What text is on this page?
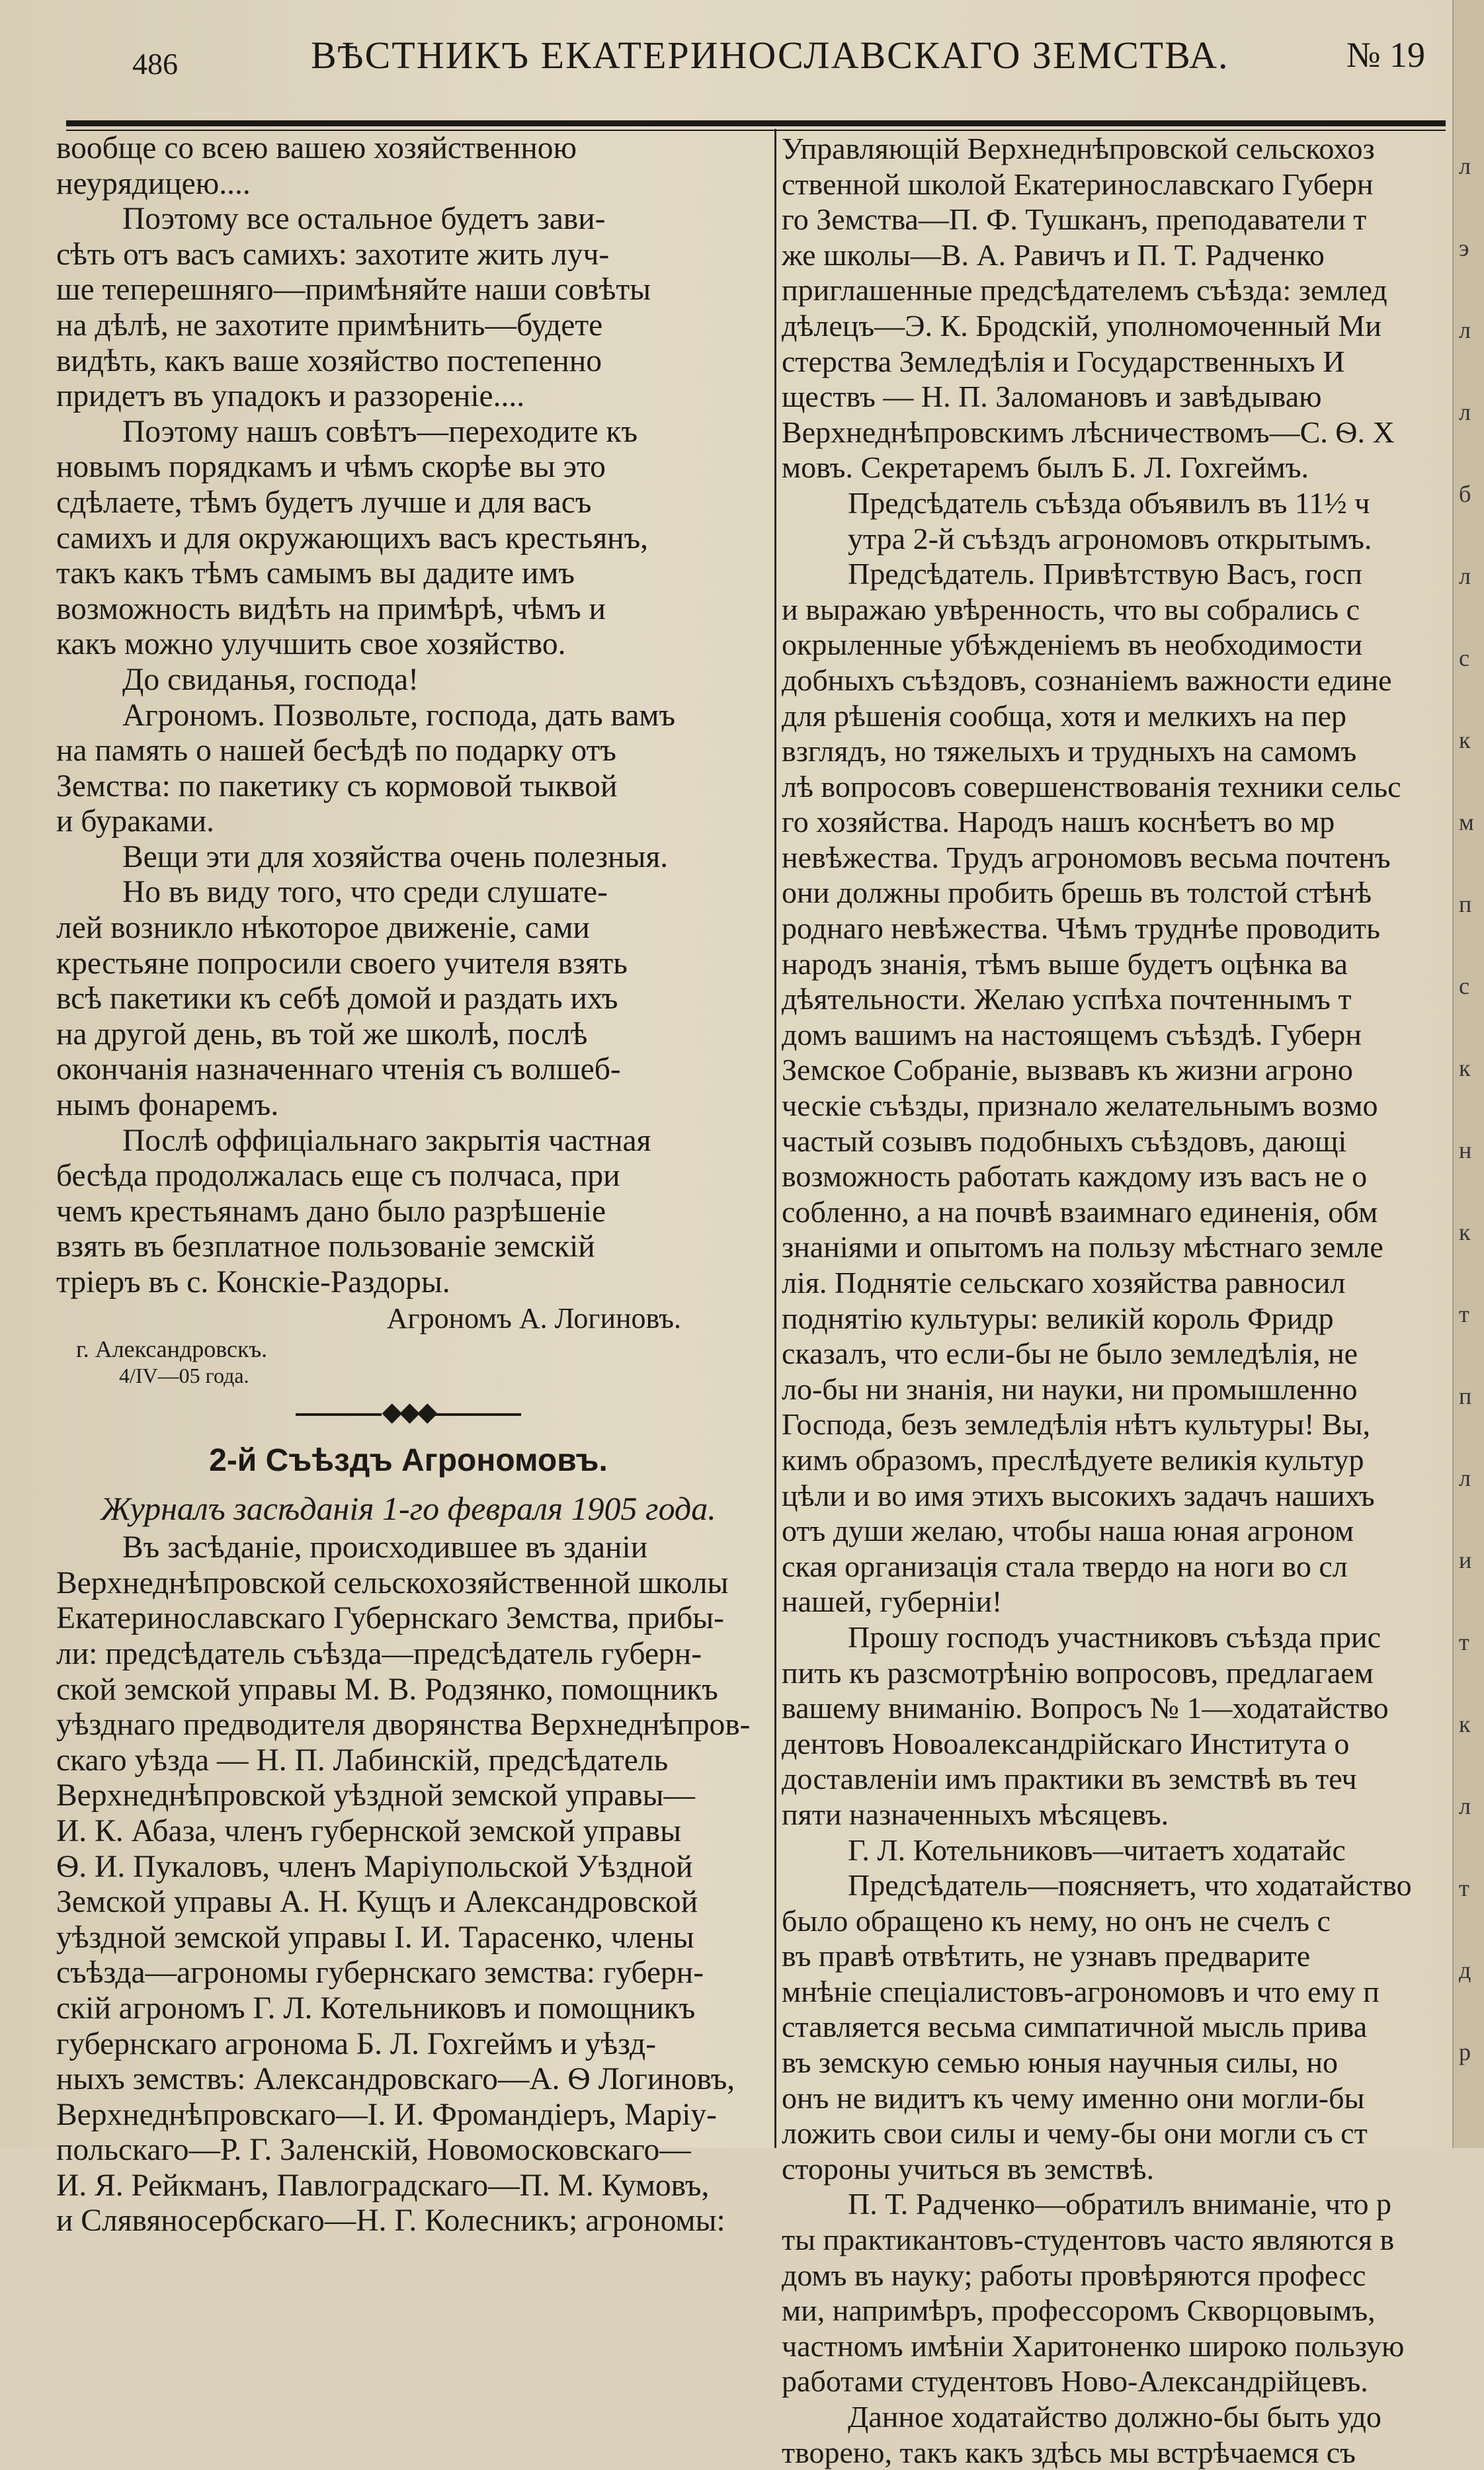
486	ВѢСТНИКЪ ЕКАТЕРИНОСЛАВСКАГО ЗЕМСТВА.	№ 19

вообще со всею вашею хозяйственною

неурядицею....

Поэтому все остальное будетъ зави-

сѣть отъ васъ самихъ: захотите жить луч-

ше теперешняго—примѣняйте наши совѣты

на дѣлѣ, не захотите примѣнить—будете

видѣть, какъ ваше хозяйство постепенно

придетъ въ упадокъ и раззореніе....

Поэтому нашъ совѣтъ—переходите къ

новымъ порядкамъ и чѣмъ скорѣе вы это

сдѣлаете, тѣмъ будетъ лучше и для васъ

самихъ и для окружающихъ васъ крестьянъ,

такъ какъ тѣмъ самымъ вы дадите имъ

возможность видѣть на примѣрѣ, чѣмъ и

какъ можно улучшить свое хозяйство.

До свиданья, господа!

Агрономъ. Позвольте, господа, дать вамъ

на память о нашей бесѣдѣ по подарку отъ

Земства: по пакетику съ кормовой тыквой

и бураками.

Вещи эти для хозяйства очень полезныя.

Но въ виду того, что среди слушате-

лей возникло нѣкоторое движеніе, сами

крестьяне попросили своего учителя взять

всѣ пакетики къ себѣ домой и раздать ихъ

на другой день, въ той же школѣ, послѣ

окончанія назначеннаго чтенія съ волшеб-

нымъ фонаремъ.

Послѣ оффиціальнаго закрытія частная

бесѣда продолжалась еще съ полчаса, при

чемъ крестьянамъ дано было разрѣшеніе

взять въ безплатное пользованіе земскій

тріеръ въ с. Конскіе-Раздоры.

Агрономъ А. Логиновъ.

г. Александровскъ.

4/IV—05 года.

◆◆◆

2-й Съѣздъ Агрономовъ.

Журналъ засѣданія 1-го февраля 1905 года.

Въ засѣданіе, происходившее въ зданіи

Верхнеднѣпровской сельскохозяйственной школы

Екатеринославскаго Губернскаго Земства, прибы-

ли: предсѣдатель съѣзда—предсѣдатель губерн-

ской земской управы М. В. Родзянко, помощникъ

уѣзднаго предводителя дворянства Верхнеднѣпров-

скаго уѣзда — Н. П. Лабинскій, предсѣдатель

Верхнеднѣпровской уѣздной земской управы—

И. К. Абаза, членъ губернской земской управы

Ѳ. И. Пукаловъ, членъ Маріупольской Уѣздной

Земской управы А. Н. Кущъ и Александровской

уѣздной земской управы І. И. Тарасенко, члены

съѣзда—агрономы губернскаго земства: губерн-

скій агрономъ Г. Л. Котельниковъ и помощникъ

губернскаго агронома Б. Л. Гохгеймъ и уѣзд-

ныхъ земствъ: Александровскаго—А. Ѳ Логиновъ,

Верхнеднѣпровскаго—І. И. Фромандіеръ, Маріу-

польскаго—Р. Г. Заленскій, Новомосковскаго—

И. Я. Рейкманъ, Павлоградскаго—П. М. Кумовъ,

и Слявяносербскаго—Н. Г. Колесникъ; агрономы:

Управляющій Верхнеднѣпровской сельскохоз

ственной школой Екатеринославскаго Губерн

го Земства—П. Ф. Тушканъ, преподаватели т

же школы—В. А. Равичъ и П. Т. Радченко

приглашенные предсѣдателемъ съѣзда: землед

дѣлецъ—Э. К. Бродскій, уполномоченный Ми

стерства Земледѣлія и Государственныхъ И

ществъ — Н. П. Заломановъ и завѣдываю

Верхнеднѣпровскимъ лѣсничествомъ—С. Ѳ. Х

мовъ. Секретаремъ былъ Б. Л. Гохгеймъ.

Предсѣдатель съѣзда объявилъ въ 11½ ч

утра 2-й съѣздъ агрономовъ открытымъ.

Предсѣдатель. Привѣтствую Васъ, госп

и выражаю увѣренность, что вы собрались с

окрыленные убѣжденіемъ въ необходимости

добныхъ съѣздовъ, сознаніемъ важности едине

для рѣшенія сообща, хотя и мелкихъ на пер

взглядъ, но тяжелыхъ и трудныхъ на самомъ

лѣ вопросовъ совершенствованія техники сельс

го хозяйства. Народъ нашъ коснѣетъ во мр

невѣжества. Трудъ агрономовъ весьма почтенъ

они должны пробить брешь въ толстой стѣнѣ

роднаго невѣжества. Чѣмъ труднѣе проводить

народъ знанія, тѣмъ выше будетъ оцѣнка ва

дѣятельности. Желаю успѣха почтеннымъ т

домъ вашимъ на настоящемъ съѣздѣ. Губерн

Земское Собраніе, вызвавъ къ жизни агроно

ческіе съѣзды, признало желательнымъ возмо

частый созывъ подобныхъ съѣздовъ, дающі

возможность работать каждому изъ васъ не о

собленно, а на почвѣ взаимнаго единенія, обм

знаніями и опытомъ на пользу мѣстнаго земле

лія. Поднятіе сельскаго хозяйства равносил

поднятію культуры: великій король Фридр

сказалъ, что если-бы не было земледѣлія, не

ло-бы ни знанія, ни науки, ни промышленно

Господа, безъ земледѣлія нѣтъ культуры! Вы,

кимъ образомъ, преслѣдуете великія культур

цѣли и во имя этихъ высокихъ задачъ нашихъ

отъ души желаю, чтобы наша юная агроном

ская организація стала твердо на ноги во сл

нашей, губерніи!

Прошу господъ участниковъ съѣзда прис

пить къ разсмотрѣнію вопросовъ, предлагаем

вашему вниманію. Вопросъ № 1—ходатайство

дентовъ Новоалександрійскаго Института о

доставленіи имъ практики въ земствѣ въ теч

пяти назначенныхъ мѣсяцевъ.

Г. Л. Котельниковъ—читаетъ ходатайс

Предсѣдатель—поясняетъ, что ходатайство

было обращено къ нему, но онъ не счелъ с

въ правѣ отвѣтить, не узнавъ предварите

мнѣніе спеціалистовъ-агрономовъ и что ему п

ставляется весьма симпатичной мысль прива

въ земскую семью юныя научныя силы, но

онъ не видитъ къ чему именно они могли-бы

ложить свои силы и чему-бы они могли съ ст

стороны учиться въ земствѣ.

П. Т. Радченко—обратилъ вниманіе, что р

ты практикантовъ-студентовъ часто являются в

домъ въ науку; работы провѣряются професс

ми, напримѣръ, профессоромъ Скворцовымъ,

частномъ имѣніи Харитоненко широко пользую

работами студентовъ Ново-Александрійцевъ.

Данное ходатайство должно-бы быть удо

творено, такъ какъ здѣсь мы встрѣчаемся съ

л
э
л
л
б
л
с
к
м
п
с
к
н
к
т
п
л
и
т
к
л
т
д
р
